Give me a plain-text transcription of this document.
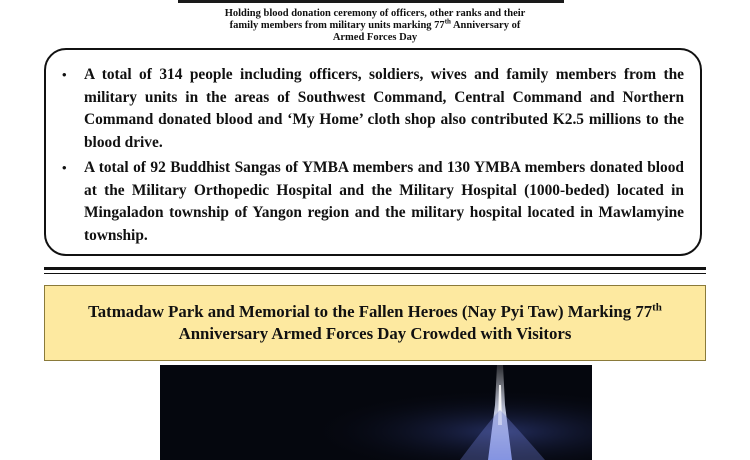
Holding blood donation ceremony of officers, other ranks and their
family members from military units marking 77th Anniversary of
Armed Forces Day
• A total of 314 people including officers, soldiers, wives and family members from the military units in the areas of Southwest Command, Central Command and Northern Command donated blood and ‘My Home’ cloth shop also contributed K2.5 millions to the blood drive.
• A total of 92 Buddhist Sangas of YMBA members and 130 YMBA members donated blood at the Military Orthopedic Hospital and the Military Hospital (1000-beded) located in Mingaladon township of Yangon region and the military hospital located in Mawlamyine township.
Tatmadaw Park and Memorial to the Fallen Heroes (Nay Pyi Taw) Marking 77th
Anniversary Armed Forces Day Crowded with Visitors
